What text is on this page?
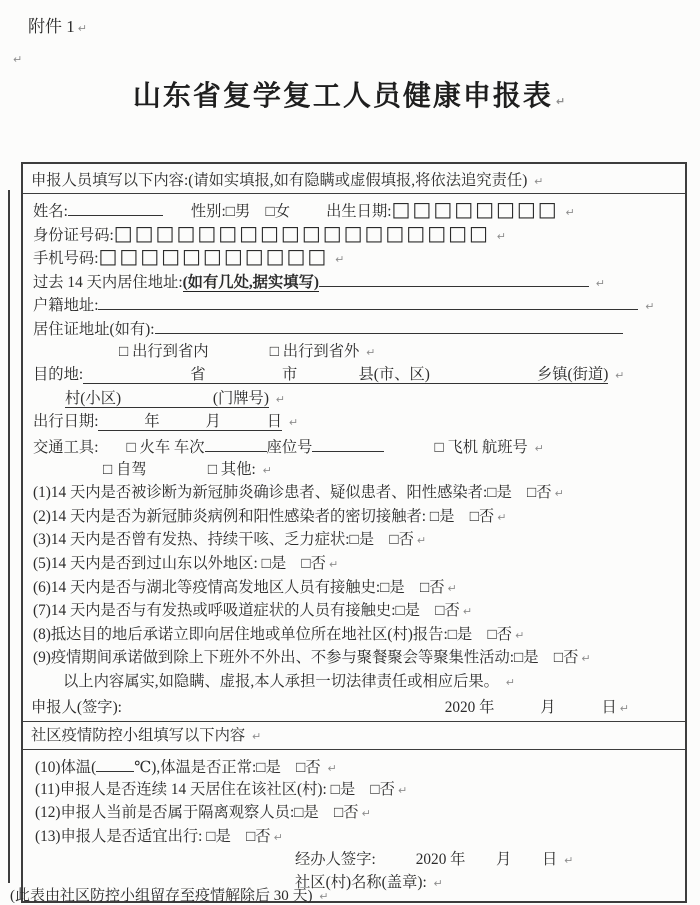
附件 1 ↵
↵
山东省复学复工人员健康申报表 ↵
申报人员填写以下内容:(请如实填报,如有隐瞒或虚假填报,将依法追究责任) ↵
姓名:	性别:□男　□女 出生日期:□□□□□□□□ ↵
身份证号码:□□□□□□□□□□□□□□□□□□ ↵
手机号码:□□□□□□□□□□□ ↵
过去 14 天内居住地址:(如有几处,据实填写)	↵
户籍地址:	↵
居住证地址(如有):
□ 出行到省内　　　　□ 出行到省外 ↵
目的地:　　　　　　　省　　　　　市　　　　县(市、区)　　　　　　　乡镇(街道) ↵
村(小区)　　　　　　(门牌号) ↵
出行日期:　　　年　　　月　　　日 ↵
交通工具: □ 火车 车次	座位号	□ 飞机 航班号 ↵
□ 自驾　　　　□ 其他: ↵
(1)14 天内是否被诊断为新冠肺炎确诊患者、疑似患者、阳性感染者:□是　□否 ↵
(2)14 天内是否为新冠肺炎病例和阳性感染者的密切接触者: □是　□否 ↵
(3)14 天内是否曾有发热、持续干咳、乏力症状:□是　□否 ↵
(5)14 天内是否到过山东以外地区: □是　□否 ↵
(6)14 天内是否与湖北等疫情高发地区人员有接触史:□是　□否 ↵
(7)14 天内是否与有发热或呼吸道症状的人员有接触史:□是　□否 ↵
(8)抵达目的地后承诺立即向居住地或单位所在地社区(村)报告:□是　□否 ↵
(9)疫情期间承诺做到除上下班外不外出、不参与聚餐聚会等聚集性活动:□是　□否 ↵
以上内容属实,如隐瞒、虚报,本人承担一切法律责任或相应后果。 ↵
申报人(签字):	2020 年　　　月　　　日 ↵
社区疫情防控小组填写以下内容 ↵
(10)体温( ℃),体温是否正常:□是　□否 ↵
(11)申报人是否连续 14 天居住在该社区(村): □是　□否 ↵
(12)申报人当前是否属于隔离观察人员:□是　□否 ↵
(13)申报人是否适宜出行: □是　□否 ↵
经办人签字:	2020 年　　月　　日 ↵
社区(村)名称(盖章): ↵
(此表由社区防控小组留存至疫情解除后 30 天) ↵
